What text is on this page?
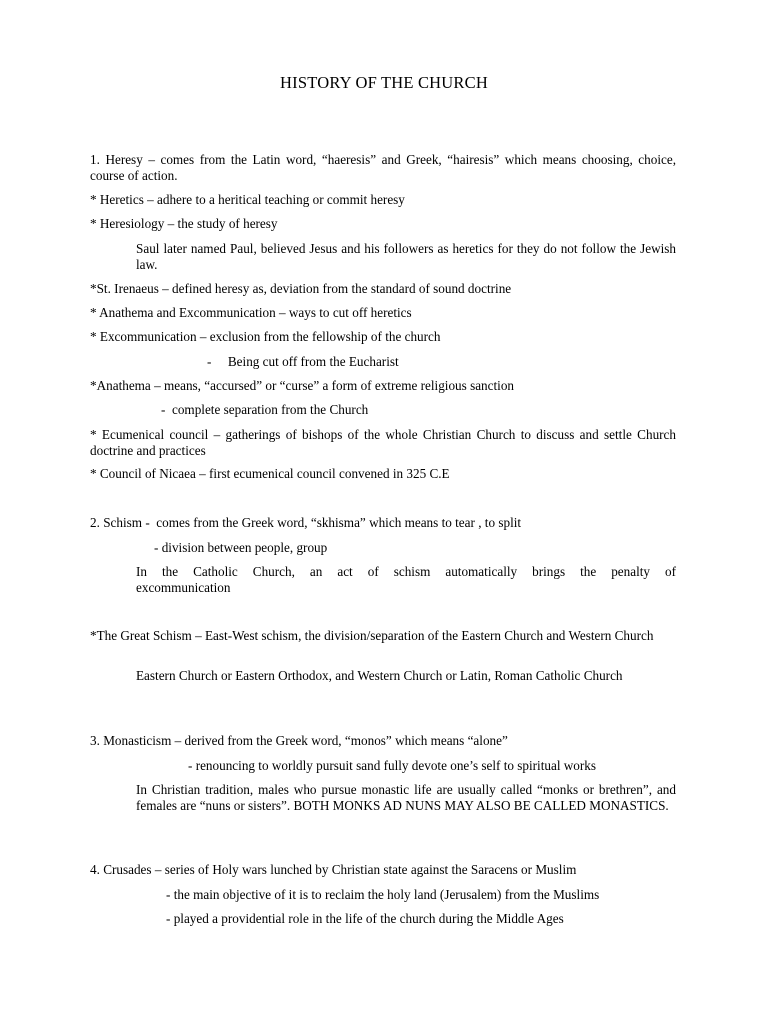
HISTORY OF THE CHURCH
1. Heresy – comes from the Latin word, “haeresis” and Greek, “hairesis” which means choosing, choice, course of action.
* Heretics – adhere to a heritical teaching or commit heresy
* Heresiology – the study of heresy
Saul later named Paul, believed Jesus and his followers as heretics for they do not follow the Jewish law.
*St. Irenaeus – defined heresy as, deviation from the standard of sound doctrine
* Anathema and Excommunication – ways to cut off heretics
* Excommunication – exclusion from the fellowship of the church
-     Being cut off from the Eucharist
*Anathema – means, “accursed” or “curse” a form of extreme religious sanction
-  complete separation from the Church
* Ecumenical council – gatherings of bishops of the whole Christian Church to discuss and settle Church doctrine and practices
* Council of Nicaea – first ecumenical council convened in 325 C.E
2. Schism -  comes from the Greek word, “skhisma” which means to tear , to split
- division between people, group
In the Catholic Church, an act of schism automatically brings the penalty of excommunication
*The Great Schism – East-West schism, the division/separation of the Eastern Church and Western Church
Eastern Church or Eastern Orthodox, and Western Church or Latin, Roman Catholic Church
3. Monasticism – derived from the Greek word, “monos” which means “alone”
- renouncing to worldly pursuit sand fully devote one’s self to spiritual works
In Christian tradition, males who pursue monastic life are usually called “monks or brethren”, and females are “nuns or sisters”. BOTH MONKS AD NUNS MAY ALSO BE CALLED MONASTICS.
4. Crusades – series of Holy wars lunched by Christian state against the Saracens or Muslim
- the main objective of it is to reclaim the holy land (Jerusalem) from the Muslims
- played a providential role in the life of the church during the Middle Ages
